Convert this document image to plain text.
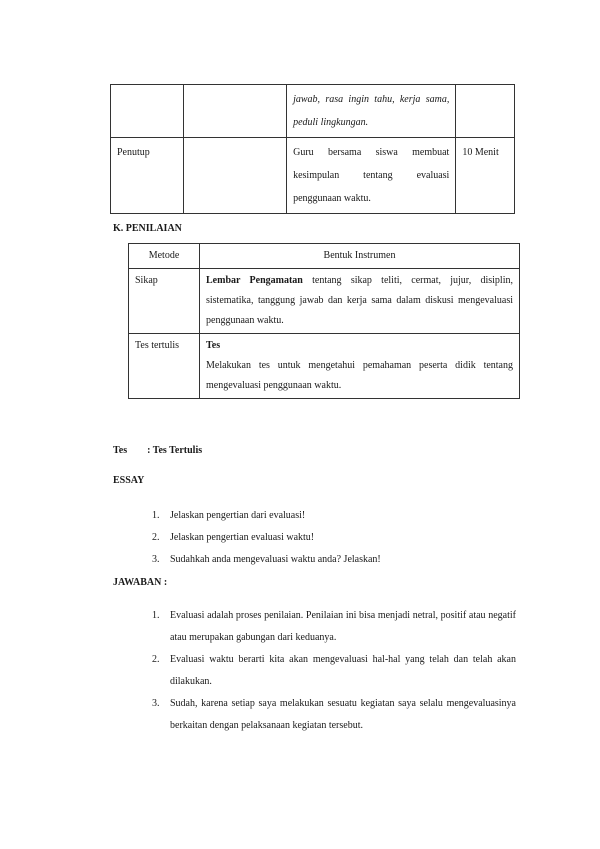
		jawab, rasa ingin tahu, kerja sama, peduli lingkungan.	
Penutup		Guru bersama siswa membuat kesimpulan tentang evaluasi penggunaan waktu.	10 Menit
K. PENILAIAN
Metode	Bentuk Instrumen
Sikap	Lembar Pengamatan tentang sikap teliti, cermat, jujur, disiplin, sistematika, tanggung jawab dan kerja sama dalam diskusi mengevaluasi penggunaan waktu.
Tes tertulis	Tes
Melakukan tes untuk mengetahui pemahaman peserta didik tentang mengevaluasi penggunaan waktu.
Tes : Tes Tertulis
ESSAY
1. Jelaskan pengertian dari evaluasi!
2. Jelaskan pengertian evaluasi waktu!
3. Sudahkah anda mengevaluasi waktu anda? Jelaskan!
JAWABAN :
1. Evaluasi adalah proses penilaian. Penilaian ini bisa menjadi netral, positif atau negatif atau merupakan gabungan dari keduanya.
2. Evaluasi waktu berarti kita akan mengevaluasi hal-hal yang telah dan telah akan dilakukan.
3. Sudah, karena setiap saya melakukan sesuatu kegiatan saya selalu mengevaluasinya berkaitan dengan pelaksanaan kegiatan tersebut.
